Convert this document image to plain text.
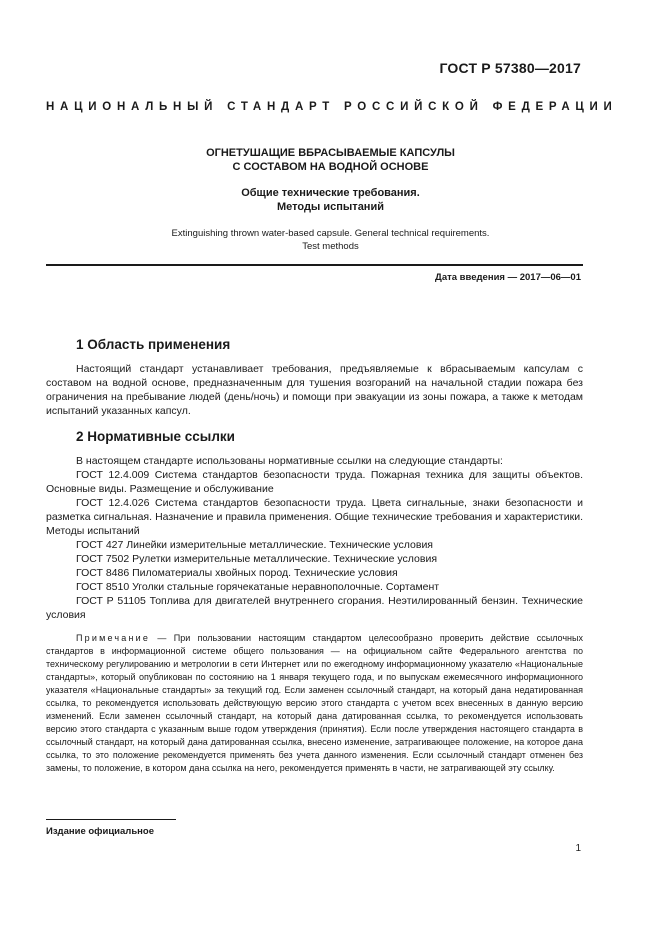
ГОСТ Р 57380—2017
НАЦИОНАЛЬНЫЙ СТАНДАРТ РОССИЙСКОЙ ФЕДЕРАЦИИ
ОГНЕТУШАЩИЕ ВБРАСЫВАЕМЫЕ КАПСУЛЫ
С СОСТАВОМ НА ВОДНОЙ ОСНОВЕ
Общие технические требования.
Методы испытаний
Extinguishing thrown water-based capsule. General technical requirements.
Test methods
Дата введения — 2017—06—01
1 Область применения

Настоящий стандарт устанавливает требования, предъявляемые к вбрасываемым капсулам с составом на водной основе, предназначенным для тушения возгораний на начальной стадии пожара без ограничения на пребывание людей (день/ночь) и помощи при эвакуации из зоны пожара, а также к методам испытаний указанных капсул.

2 Нормативные ссылки

В настоящем стандарте использованы нормативные ссылки на следующие стандарты:

ГОСТ 12.4.009 Система стандартов безопасности труда. Пожарная техника для защиты объектов. Основные виды. Размещение и обслуживание

ГОСТ 12.4.026 Система стандартов безопасности труда. Цвета сигнальные, знаки безопасности и разметка сигнальная. Назначение и правила применения. Общие технические требования и характеристики. Методы испытаний

ГОСТ 427 Линейки измерительные металлические. Технические условия

ГОСТ 7502 Рулетки измерительные металлические. Технические условия

ГОСТ 8486 Пиломатериалы хвойных пород. Технические условия

ГОСТ 8510 Уголки стальные горячекатаные неравнополочные. Сортамент

ГОСТ Р 51105 Топлива для двигателей внутреннего сгорания. Неэтилированный бензин. Технические условия

Примечание — При пользовании настоящим стандартом целесообразно проверить действие ссылочных стандартов в информационной системе общего пользования — на официальном сайте Федерального агентства по техническому регулированию и метрологии в сети Интернет или по ежегодному информационному указателю «Национальные стандарты», который опубликован по состоянию на 1 января текущего года, и по выпускам ежемесячного информационного указателя «Национальные стандарты» за текущий год. Если заменен ссылочный стандарт, на который дана недатированная ссылка, то рекомендуется использовать действующую версию этого стандарта с учетом всех внесенных в данную версию изменений. Если заменен ссылочный стандарт, на который дана датированная ссылка, то рекомендуется использовать версию этого стандарта с указанным выше годом утверждения (принятия). Если после утверждения настоящего стандарта в ссылочный стандарт, на который дана датированная ссылка, внесено изменение, затрагивающее положение, на которое дана ссылка, то это положение рекомендуется применять без учета данного изменения. Если ссылочный стандарт отменен без замены, то положение, в котором дана ссылка на него, рекомендуется применять в части, не затрагивающей эту ссылку.
Издание официальное
1
